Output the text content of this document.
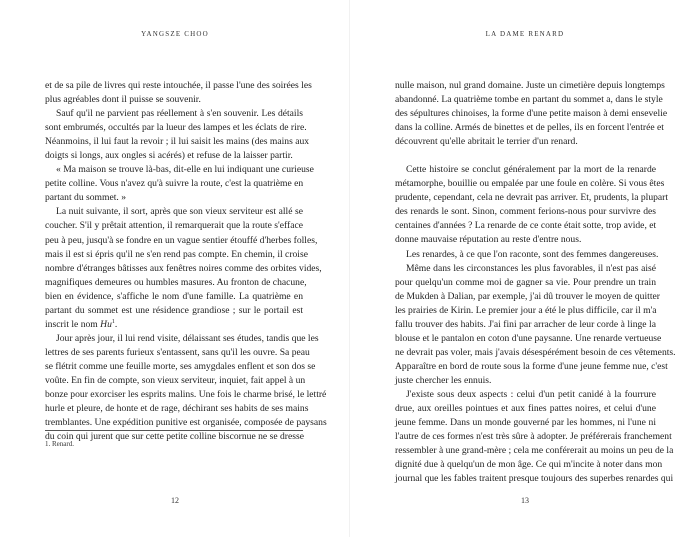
YANGSZE CHOO
et de sa pile de livres qui reste intouchée, il passe l'une des soirées les
plus agréables dont il puisse se souvenir.
Sauf qu'il ne parvient pas réellement à s'en souvenir. Les détails
sont embrumés, occultés par la lueur des lampes et les éclats de rire.
Néanmoins, il lui faut la revoir ; il lui saisit les mains (des mains aux
doigts si longs, aux ongles si acérés) et refuse de la laisser partir.
« Ma maison se trouve là-bas, dit-elle en lui indiquant une curieuse
petite colline. Vous n'avez qu'à suivre la route, c'est la quatrième en
partant du sommet. »
La nuit suivante, il sort, après que son vieux serviteur est allé se
coucher. S'il y prêtait attention, il remarquerait que la route s'efface
peu à peu, jusqu'à se fondre en un vague sentier étouffé d'herbes folles,
mais il est si épris qu'il ne s'en rend pas compte. En chemin, il croise
nombre d'étranges bâtisses aux fenêtres noires comme des orbites vides,
magnifiques demeures ou humbles masures. Au fronton de chacune,
bien en évidence, s'affiche le nom d'une famille. La quatrième en
partant du sommet est une résidence grandiose ; sur le portail est
inscrit le nom Hu$^1$.
Jour après jour, il lui rend visite, délaissant ses études, tandis que les
lettres de ses parents furieux s'entassent, sans qu'il les ouvre. Sa peau
se flétrit comme une feuille morte, ses amygdales enflent et son dos se
voûte. En fin de compte, son vieux serviteur, inquiet, fait appel à un
bonze pour exorciser les esprits malins. Une fois le charme brisé, le lettré
hurle et pleure, de honte et de rage, déchirant ses habits de ses mains
tremblantes. Une expédition punitive est organisée, composée de paysans
du coin qui jurent que sur cette petite colline biscornue ne se dresse
1. Renard.
12
LA DAME RENARD
nulle maison, nul grand domaine. Juste un cimetière depuis longtemps
abandonné. La quatrième tombe en partant du sommet a, dans le style
des sépultures chinoises, la forme d'une petite maison à demi ensevelie
dans la colline. Armés de binettes et de pelles, ils en forcent l'entrée et
découvrent qu'elle abritait le terrier d'un renard.
Cette histoire se conclut généralement par la mort de la renarde
métamorphe, bouillie ou empalée par une foule en colère. Si vous êtes
prudente, cependant, cela ne devrait pas arriver. Et, prudents, la plupart
des renards le sont. Sinon, comment ferions-nous pour survivre des
centaines d'années ? La renarde de ce conte était sotte, trop avide, et
donne mauvaise réputation au reste d'entre nous.
Les renardes, à ce que l'on raconte, sont des femmes dangereuses.
Même dans les circonstances les plus favorables, il n'est pas aisé
pour quelqu'un comme moi de gagner sa vie. Pour prendre un train
de Mukden à Dalian, par exemple, j'ai dû trouver le moyen de quitter
les prairies de Kirin. Le premier jour a été le plus difficile, car il m'a
fallu trouver des habits. J'ai fini par arracher de leur corde à linge la
blouse et le pantalon en coton d'une paysanne. Une renarde vertueuse
ne devrait pas voler, mais j'avais désespérément besoin de ces vêtements.
Apparaître en bord de route sous la forme d'une jeune femme nue, c'est
juste chercher les ennuis.
J'existe sous deux aspects : celui d'un petit canidé à la fourrure
drue, aux oreilles pointues et aux fines pattes noires, et celui d'une
jeune femme. Dans un monde gouverné par les hommes, ni l'une ni
l'autre de ces formes n'est très sûre à adopter. Je préférerais franchement
ressembler à une grand-mère ; cela me conférerait au moins un peu de la
dignité due à quelqu'un de mon âge. Ce qui m'incite à noter dans mon
journal que les fables traitent presque toujours des superbes renardes qui
13
